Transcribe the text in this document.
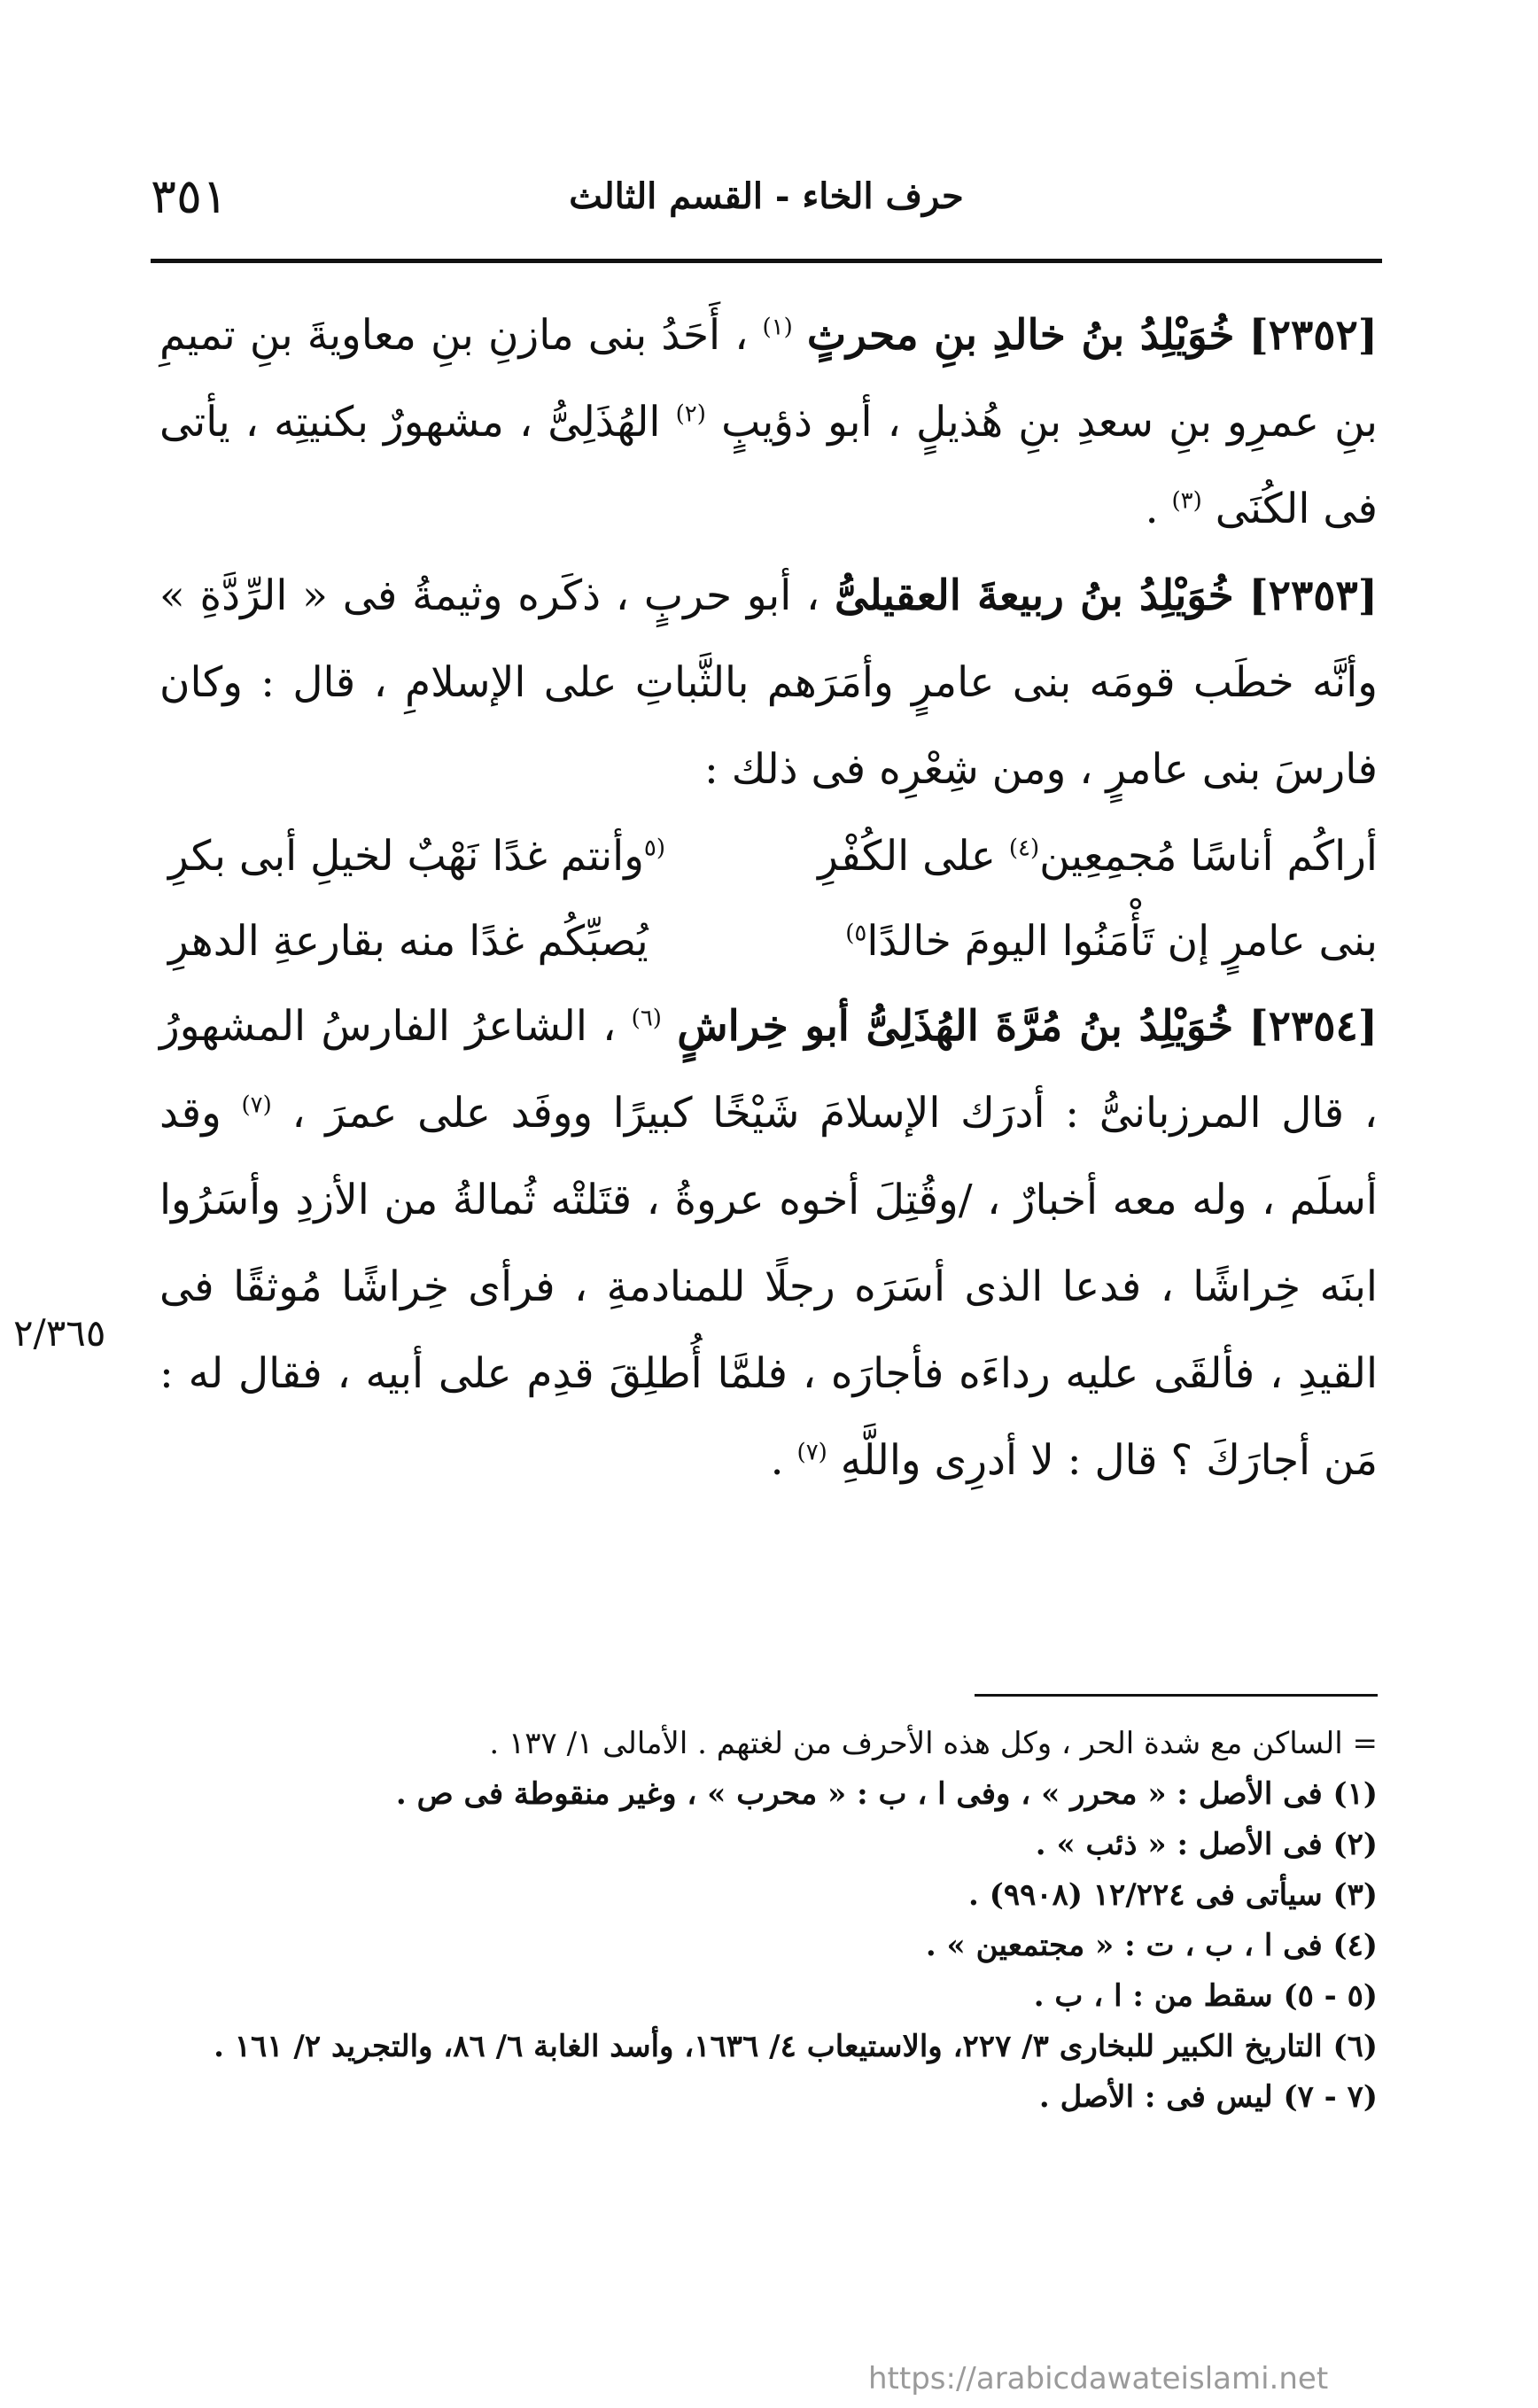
٣٥١	حرف الخاء - القسم الثالث

[٢٣٥٢] خُوَيْلِدُ بنُ خالدِ بنِ محرثٍ $^{(١)}$ ، أَحَدُ بنى مازنِ بنِ معاويةَ بنِ تميمِ بنِ عمرِو بنِ سعدِ بنِ هُذيلٍ ، أبو ذؤيبٍ $^{(٢)}$ الهُذَلِىُّ ، مشهورٌ بكنيتِه ، يأتى فى الكُنَى $^{(٣)}$ .

[٢٣٥٣] خُوَيْلِدُ بنُ ربيعةَ العقيلىُّ ، أبو حربٍ ، ذكَره وثيمةُ فى « الرِّدَّةِ » وأنَّه خطَب قومَه بنى عامرٍ وأمَرَهم بالثَّباتِ على الإسلامِ ، قال : وكان فارسَ بنى عامرٍ ، ومن شِعْرِه فى ذلك :

أراكُم أناسًا مُجمِعِين$^{(٤)}$ على الكُفْرِ
$^{(٥}$وأنتم غدًا نَهْبٌ لخيلِ أبى بكرِ
بنى عامرٍ إن تَأْمَنُوا اليومَ خالدًا$^{٥)}$
يُصبِّكُم غدًا منه بقارعةِ الدهرِ

[٢٣٥٤] خُوَيْلِدُ بنُ مُرَّةَ الهُذَلِىُّ أبو خِراشٍ $^{(٦)}$ ، الشاعرُ الفارسُ المشهورُ ، قال المرزبانىُّ : أدرَك الإسلامَ شَيْخًا كبيرًا ووفَد على عمرَ ، $^{(٧)}$ وقد أسلَم ، وله معه أخبارٌ ، /وقُتِلَ أخوه عروةُ ، قتَلتْه ثُمالةُ من الأزدِ وأسَرُوا ابنَه خِراشًا ، فدعا الذى أسَرَه رجلًا للمنادمةِ ، فرأى خِراشًا مُوثقًا فى القيدِ ، فألقَى عليه رداءَه فأجارَه ، فلمَّا أُطلِقَ قدِم على أبيه ، فقال له : مَن أجارَكَ ؟ قال : لا أدرِى واللَّهِ $^{(٧)}$ .

٢/٣٦٥
= الساكن مع شدة الحر ، وكل هذه الأحرف من لغتهم . الأمالى ١/ ١٣٧ .
(١) فى الأصل : « محرر » ، وفى ا ، ب : « محرب » ، وغير منقوطة فى ص .
(٢) فى الأصل : « ذئب » .
(٣) سيأتى فى ١٢/٢٢٤ (٩٩٠٨) .
(٤) فى ا ، ب ، ت : « مجتمعين » .
(٥ - ٥) سقط من : ا ، ب .
(٦) التاريخ الكبير للبخارى ٣/ ٢٢٧، والاستيعاب ٤/ ١٦٣٦، وأسد الغابة ٦/ ٨٦، والتجريد ٢/ ١٦١ .
(٧ - ٧) ليس فى : الأصل .
https://arabicdawateislami.net
